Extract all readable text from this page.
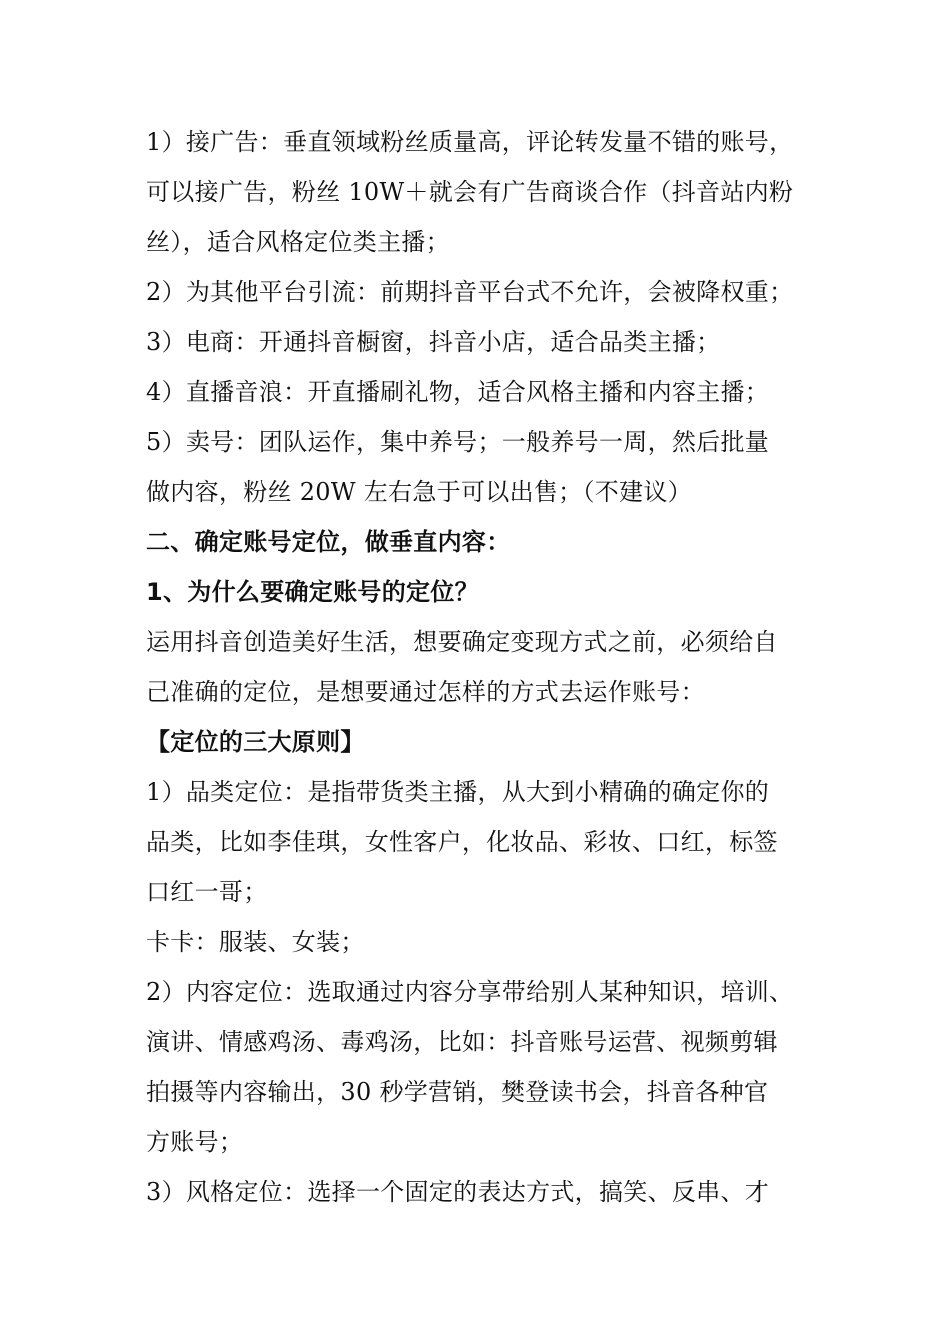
1）接广告：垂直领域粉丝质量高，评论转发量不错的账号，
可以接广告，粉丝 10W＋就会有广告商谈合作（抖音站内粉
丝），适合风格定位类主播；
2）为其他平台引流：前期抖音平台式不允许，会被降权重；
3）电商：开通抖音橱窗，抖音小店，适合品类主播；
4）直播音浪：开直播刷礼物，适合风格主播和内容主播；
5）卖号：团队运作，集中养号；一般养号一周，然后批量
做内容，粉丝 20W 左右急于可以出售；（不建议）
二、确定账号定位，做垂直内容：
1、为什么要确定账号的定位？
运用抖音创造美好生活，想要确定变现方式之前，必须给自
己准确的定位，是想要通过怎样的方式去运作账号：
【定位的三大原则】
1）品类定位：是指带货类主播，从大到小精确的确定你的
品类，比如李佳琪，女性客户，化妆品、彩妆、口红，标签
口红一哥；
卡卡：服装、女装；
2）内容定位：选取通过内容分享带给别人某种知识，培训、
演讲、情感鸡汤、毒鸡汤，比如：抖音账号运营、视频剪辑
拍摄等内容输出，30 秒学营销，樊登读书会，抖音各种官
方账号；
3）风格定位：选择一个固定的表达方式，搞笑、反串、才
